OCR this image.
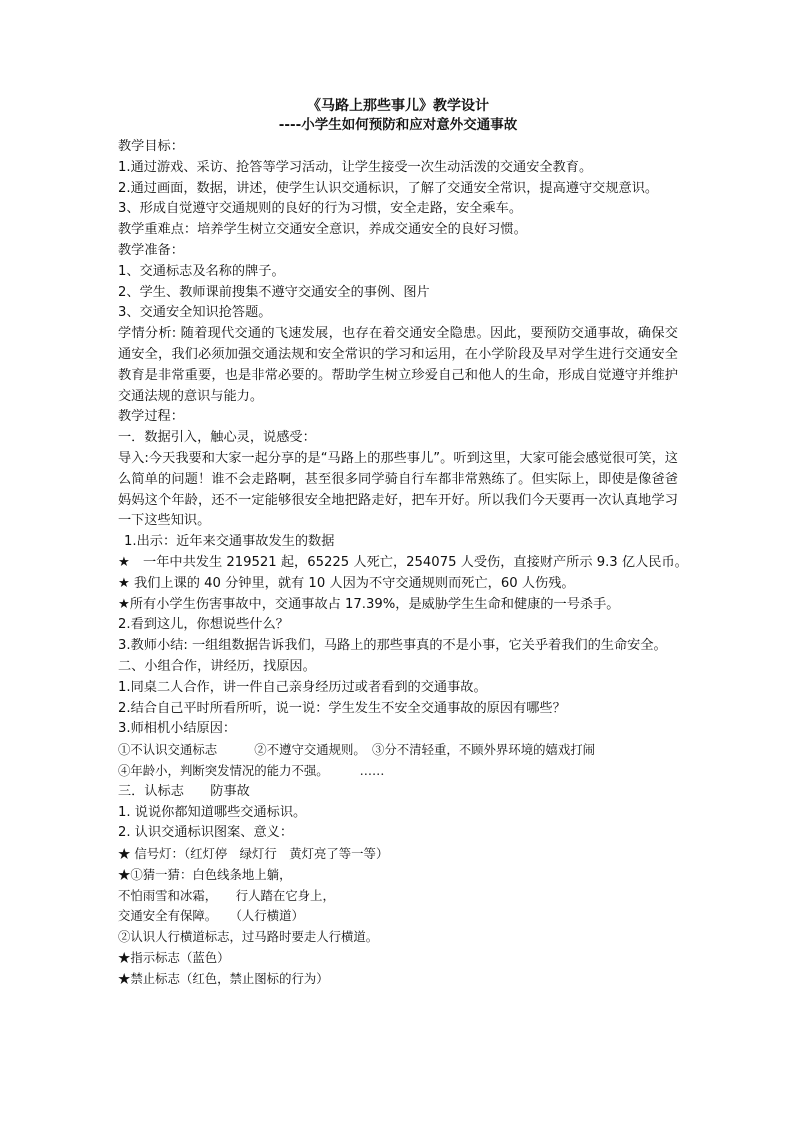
《马路上那些事儿》教学设计

----小学生如何预防和应对意外交通事故

教学目标：

1.通过游戏、采访、抢答等学习活动，让学生接受一次生动活泼的交通安全教育。

2.通过画面，数据，讲述，使学生认识交通标识，了解了交通安全常识，提高遵守交规意识。

3、形成自觉遵守交通规则的良好的行为习惯，安全走路，安全乘车。

教学重难点：培养学生树立交通安全意识，养成交通安全的良好习惯。

教学准备：

1、交通标志及名称的牌子。

2、学生、教师课前搜集不遵守交通安全的事例、图片

3、交通安全知识抢答题。

学情分析: 随着现代交通的飞速发展，也存在着交通安全隐患。因此，要预防交通事故，确保交通安全，我们必须加强交通法规和安全常识的学习和运用，在小学阶段及早对学生进行交通安全教育是非常重要，也是非常必要的。帮助学生树立珍爱自己和他人的生命，形成自觉遵守并维护交通法规的意识与能力。

教学过程：

一．数据引入，触心灵，说感受：

导入:今天我要和大家一起分享的是“马路上的那些事儿”。听到这里，大家可能会感觉很可笑，这么简单的问题！谁不会走路啊，甚至很多同学骑自行车都非常熟练了。但实际上，即使是像爸爸妈妈这个年龄，还不一定能够很安全地把路走好，把车开好。所以我们今天要再一次认真地学习一下这些知识。

1.出示：近年来交通事故发生的数据

★　一年中共发生 219521 起，65225 人死亡，254075 人受伤，直接财产所示 9.3 亿人民币。

★ 我们上课的 40 分钟里，就有 10 人因为不守交通规则而死亡，60 人伤残。

★所有小学生伤害事故中，交通事故占 17.39%，是威胁学生生命和健康的一号杀手。

2.看到这儿，你想说些什么？

3.教师小结: 一组组数据告诉我们，马路上的那些事真的不是小事，它关乎着我们的生命安全。

二、小组合作，讲经历，找原因。

1.同桌二人合作，讲一件自己亲身经历过或者看到的交通事故。

2.结合自己平时所看所听，说一说：学生发生不安全交通事故的原因有哪些？

3.师相机小结原因：

①不认识交通标志　　　②不遵守交通规则。　③分不清轻重，不顾外界环境的嬉戏打闹

④年龄小，判断突发情况的能力不强。　　　……

三．认标志　　防事故

1. 说说你都知道哪些交通标识。

2. 认识交通标识图案、意义：

★ 信号灯：（红灯停　绿灯行　黄灯亮了等一等）

★①猜一猜：白色线条地上躺，

不怕雨雪和冰霜，　　行人踏在它身上，

交通安全有保障。　　（人行横道）

②认识人行横道标志，过马路时要走人行横道。

★指示标志（蓝色）

★禁止标志（红色，禁止图标的行为）
